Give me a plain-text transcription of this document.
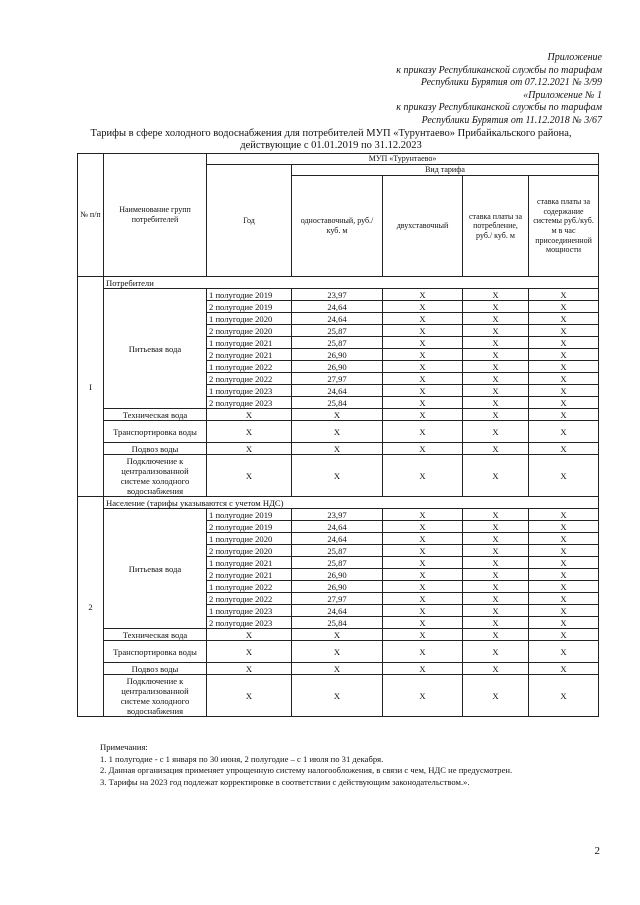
Приложение
к приказу Республиканской службы по тарифам
Республики Бурятия от 07.12.2021 № 3/99
«Приложение № 1
к приказу Республиканской службы по тарифам
Республики Бурятия от 11.12.2018 № 3/67
Тарифы в сфере холодного водоснабжения для потребителей МУП «Турунтаево» Прибайкальского района,
действующие с 01.01.2019 по 31.12.2023
№ п/п	Наименование групп потребителей	МУП «Турунтаево»				
		Год	Вид тарифа			
			одноставочный, руб./ куб. м	двухставочный	ставка платы за потребление, руб./ куб. м	ставка платы за содержание системы руб./куб. м в час присоединенной мощности
I	Потребители					
	Питьевая вода	1 полугодие 2019	23,97	X	X	X
		2 полугодие 2019	24,64	X	X	X
		1 полугодие 2020	24,64	X	X	X
		2 полугодие 2020	25,87	X	X	X
		1 полугодие 2021	25,87	X	X	X
		2 полугодие 2021	26,90	X	X	X
		1 полугодие 2022	26,90	X	X	X
		2 полугодие 2022	27,97	X	X	X
		1 полугодие 2023	24,64	X	X	X
		2 полугодие 2023	25,84	X	X	X
	Техническая вода	X	X	X	X	X
	Транспортировка воды	X	X	X	X	X
	Подвоз воды	X	X	X	X	X
	Подключение к централизованной системе холодного водоснабжения	X	X	X	X	X
2	Население (тарифы указываются с учетом НДС)					
	Питьевая вода	1 полугодие 2019	23,97	X	X	X
		2 полугодие 2019	24,64	X	X	X
		1 полугодие 2020	24,64	X	X	X
		2 полугодие 2020	25,87	X	X	X
		1 полугодие 2021	25,87	X	X	X
		2 полугодие 2021	26,90	X	X	X
		1 полугодие 2022	26,90	X	X	X
		2 полугодие 2022	27,97	X	X	X
		1 полугодие 2023	24,64	X	X	X
		2 полугодие 2023	25,84	X	X	X
	Техническая вода	X	X	X	X	X
	Транспортировка воды	X	X	X	X	X
	Подвоз воды	X	X	X	X	X
	Подключение к централизованной системе холодного водоснабжения	X	X	X	X	X
Примечания:
1. 1 полугодие - с 1 января по 30 июня, 2 полугодие – с 1 июля по 31 декабря.
2. Данная организация применяет упрощенную систему налогообложения, в связи с чем, НДС не предусмотрен.
3. Тарифы на 2023 год подлежат корректировке в соответствии с действующим законодательством.».
2
